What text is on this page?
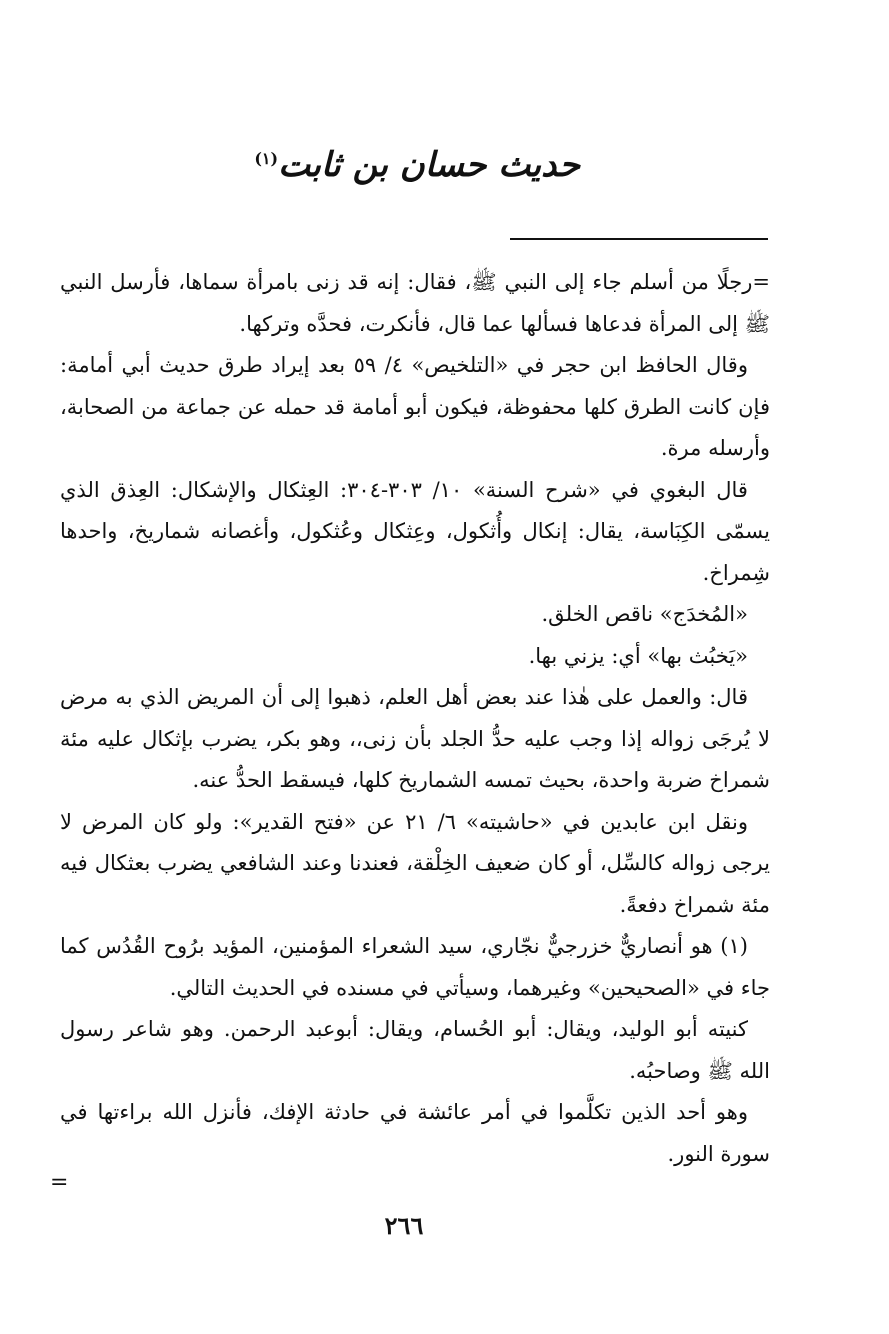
حديث حسان بن ثابت$^{(١)}$

=رجلًا من أسلم جاء إلى النبي ﷺ، فقال: إنه قد زنى بامرأة سماها، فأرسل النبي ﷺ إلى المرأة فدعاها فسألها عما قال، فأنكرت، فحدَّه وتركها.

وقال الحافظ ابن حجر في «التلخيص» ٤/ ٥٩ بعد إيراد طرق حديث أبي أمامة: فإن كانت الطرق كلها محفوظة، فيكون أبو أمامة قد حمله عن جماعة من الصحابة، وأرسله مرة.

قال البغوي في «شرح السنة» ١٠/ ٣٠٣-٣٠٤: العِثكال والإشكال: العِذق الذي يسمّى الكِبَاسة، يقال: إنكال وأُثكول، وعِثكال وعُثكول، وأغصانه شماريخ، واحدها شِمراخ.

«المُخدَج» ناقص الخلق.

«يَخبُث بها» أي: يزني بها.

قال: والعمل على هٰذا عند بعض أهل العلم، ذهبوا إلى أن المريض الذي به مرض لا يُرجَى زواله إذا وجب عليه حدُّ الجلد بأن زنى،، وهو بكر، يضرب بإثكال عليه مئة شمراخ ضربة واحدة، بحيث تمسه الشماريخ كلها، فيسقط الحدُّ عنه.

ونقل ابن عابدين في «حاشيته» ٦/ ٢١ عن «فتح القدير»: ولو كان المرض لا يرجى زواله كالسِّل، أو كان ضعيف الخِلْقة، فعندنا وعند الشافعي يضرب بعثكال فيه مئة شمراخ دفعةً.

(١) هو أنصاريٌّ خزرجيٌّ نجّاري، سيد الشعراء المؤمنين، المؤيد برُوح القُدُس كما جاء في «الصحيحين» وغيرهما، وسيأتي في مسنده في الحديث التالي.

كنيته أبو الوليد، ويقال: أبو الحُسام، ويقال: أبوعبد الرحمن. وهو شاعر رسول الله ﷺ وصاحبُه.

وهو أحد الذين تكلَّموا في أمر عائشة في حادثة الإفك، فأنزل الله براءتها في سورة النور.

=
٢٦٦
